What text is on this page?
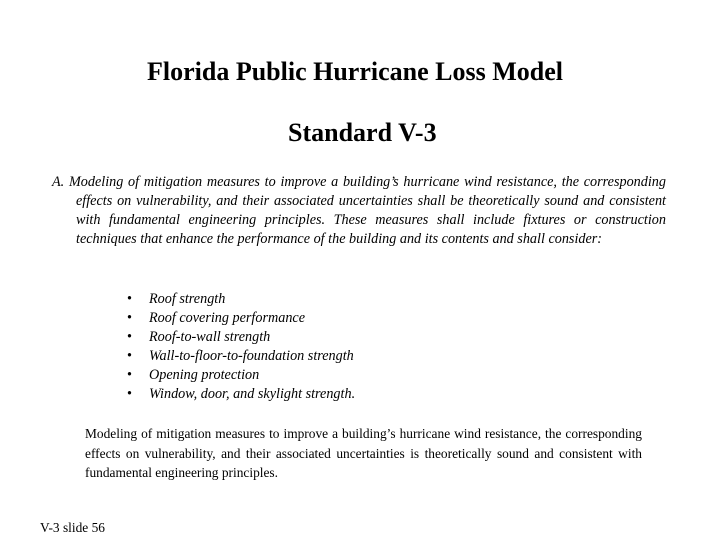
Florida Public Hurricane Loss Model
Standard V-3

A. Modeling of mitigation measures to improve a building’s hurricane wind resistance, the corresponding effects on vulnerability, and their associated uncertainties shall be theoretically sound and consistent with fundamental engineering principles. These measures shall include fixtures or construction techniques that enhance the performance of the building and its contents and shall consider:

• Roof strength
• Roof covering performance
• Roof-to-wall strength
• Wall-to-floor-to-foundation strength
• Opening protection
• Window, door, and skylight strength.

Modeling of mitigation measures to improve a building’s hurricane wind resistance, the corresponding effects on vulnerability, and their associated uncertainties is theoretically sound and consistent with fundamental engineering principles.

V-3 slide 56
